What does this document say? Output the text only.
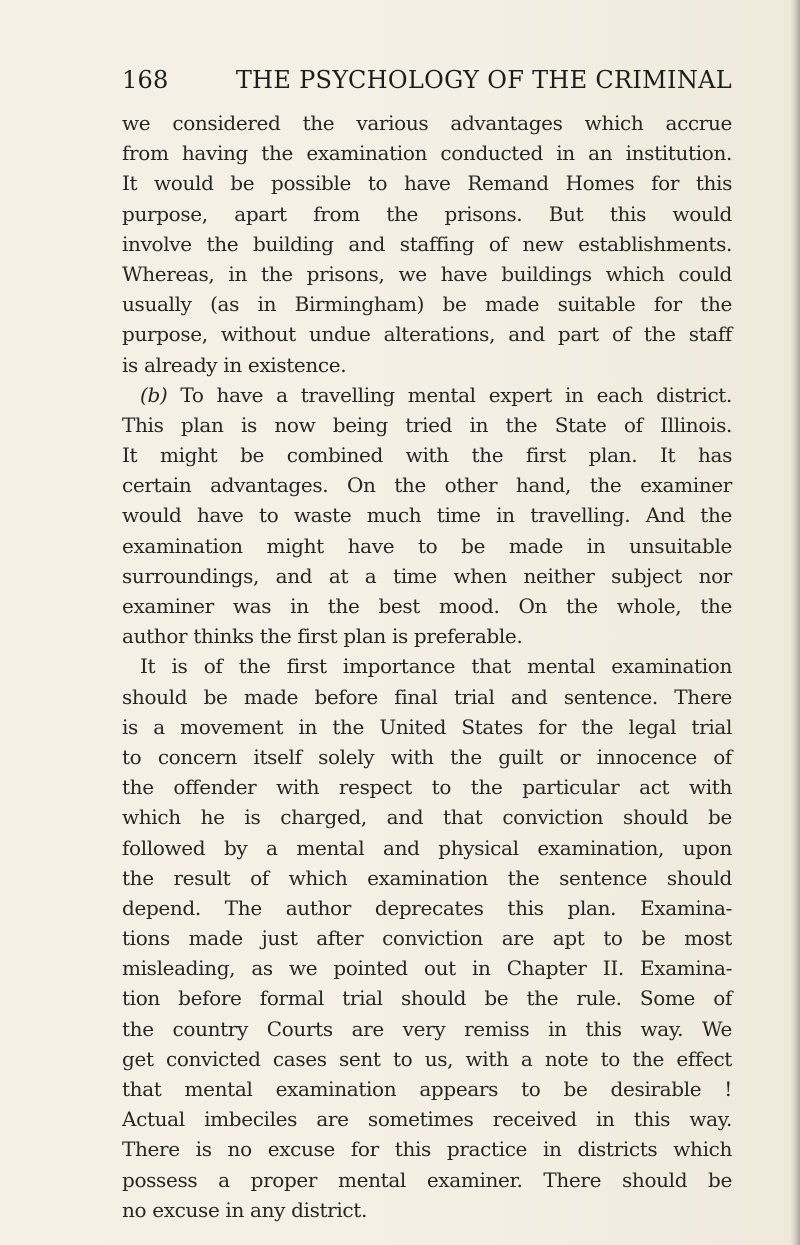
168	THE PSYCHOLOGY OF THE CRIMINAL
we considered the various advantages which accrue
from having the examination conducted in an institution.
It would be possible to have Remand Homes for this
purpose, apart from the prisons. But this would
involve the building and staffing of new establishments.
Whereas, in the prisons, we have buildings which could
usually (as in Birmingham) be made suitable for the
purpose, without undue alterations, and part of the staff
is already in existence.
(b) To have a travelling mental expert in each district.
This plan is now being tried in the State of Illinois.
It might be combined with the first plan. It has
certain advantages. On the other hand, the examiner
would have to waste much time in travelling. And the
examination might have to be made in unsuitable
surroundings, and at a time when neither subject nor
examiner was in the best mood. On the whole, the
author thinks the first plan is preferable.
It is of the first importance that mental examination
should be made before final trial and sentence. There
is a movement in the United States for the legal trial
to concern itself solely with the guilt or innocence of
the offender with respect to the particular act with
which he is charged, and that conviction should be
followed by a mental and physical examination, upon
the result of which examination the sentence should
depend. The author deprecates this plan. Examina-
tions made just after conviction are apt to be most
misleading, as we pointed out in Chapter II. Examina-
tion before formal trial should be the rule. Some of
the country Courts are very remiss in this way. We
get convicted cases sent to us, with a note to the effect
that mental examination appears to be desirable !
Actual imbeciles are sometimes received in this way.
There is no excuse for this practice in districts which
possess a proper mental examiner. There should be
no excuse in any district.
